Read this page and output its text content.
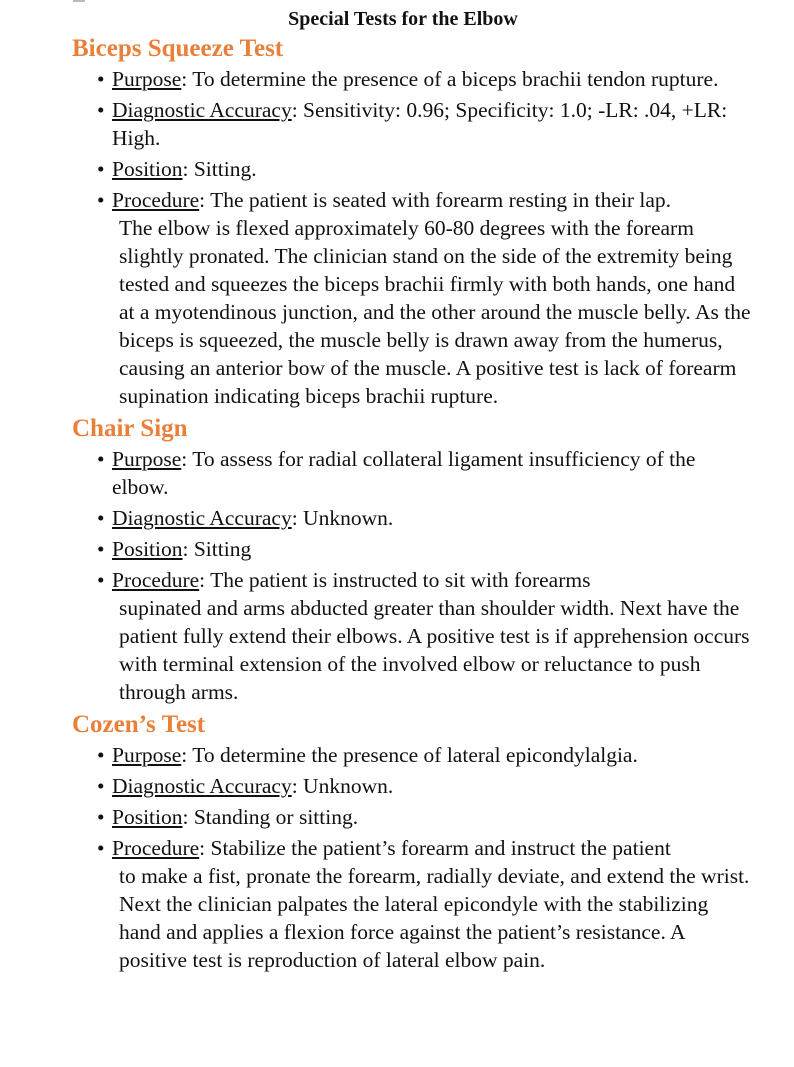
Special Tests for the Elbow
Biceps Squeeze Test
• Purpose: To determine the presence of a biceps brachii tendon rupture.
• Diagnostic Accuracy: Sensitivity: 0.96; Specificity: 1.0; -LR: .04, +LR: High.
• Position: Sitting.
• Procedure: The patient is seated with forearm resting in their lap.
The elbow is flexed approximately 60-80 degrees with the forearm slightly pronated. The clinician stand on the side of the extremity being tested and squeezes the biceps brachii firmly with both hands, one hand at a myotendinous junction, and the other around the muscle belly. As the biceps is squeezed, the muscle belly is drawn away from the humerus, causing an anterior bow of the muscle. A positive test is lack of forearm supination indicating biceps brachii rupture.
Chair Sign
• Purpose: To assess for radial collateral ligament insufficiency of the elbow.
• Diagnostic Accuracy: Unknown.
• Position: Sitting
• Procedure: The patient is instructed to sit with forearms
supinated and arms abducted greater than shoulder width. Next have the patient fully extend their elbows. A positive test is if apprehension occurs with terminal extension of the involved elbow or reluctance to push through arms.
Cozen’s Test
• Purpose: To determine the presence of lateral epicondylalgia.
• Diagnostic Accuracy: Unknown.
• Position: Standing or sitting.
• Procedure: Stabilize the patient’s forearm and instruct the patient
to make a fist, pronate the forearm, radially deviate, and extend the wrist. Next the clinician palpates the lateral epicondyle with the stabilizing hand and applies a flexion force against the patient’s resistance. A positive test is reproduction of lateral elbow pain.
